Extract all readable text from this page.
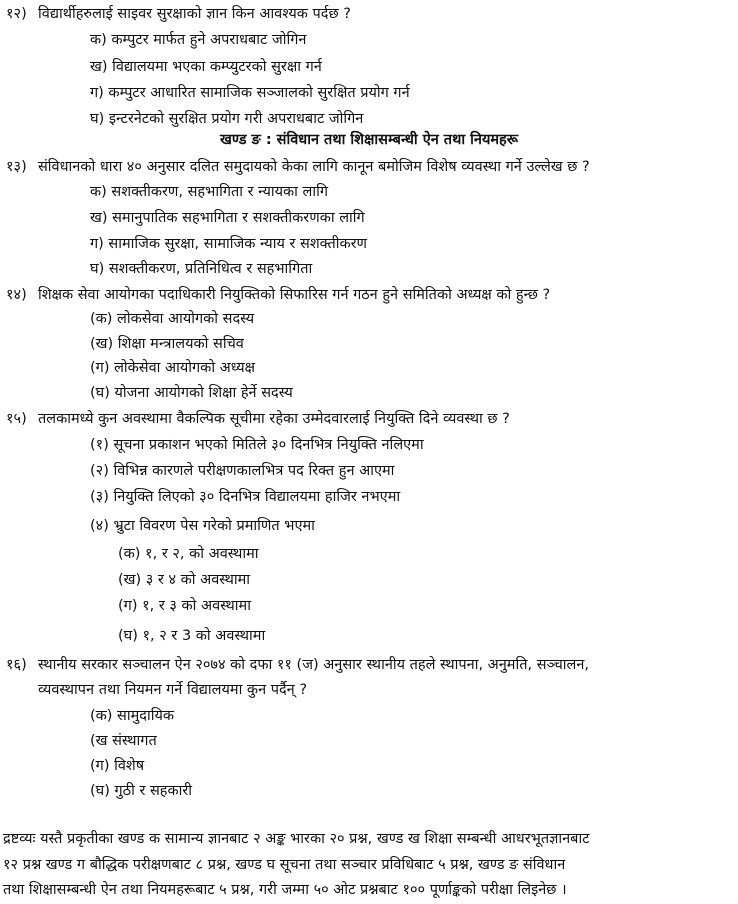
१२) विद्यार्थीहरुलाई साइवर सुरक्षाको ज्ञान किन आवश्यक पर्दछ ?
क) कम्पुटर मार्फत हुने अपराधबाट जोगिन
ख) विद्यालयमा भएका कम्प्युटरको सुरक्षा गर्न
ग) कम्पुटर आधारित सामाजिक सञ्जालको सुरक्षित प्रयोग गर्न
घ) इन्टरनेटको सुरक्षित प्रयोग गरी अपराधबाट जोगिन
खण्ड ङ : संविधान तथा शिक्षासम्बन्धी ऐन तथा नियमहरू
१३) संविधानको धारा ४० अनुसार दलित समुदायको केका लागि कानून बमोजिम विशेष व्यवस्था गर्ने उल्लेख छ ?
क) सशक्तीकरण, सहभागिता र न्यायका लागि
ख) समानुपातिक सहभागिता र सशक्तीकरणका लागि
ग) सामाजिक सुरक्षा, सामाजिक न्याय र सशक्तीकरण
घ) सशक्तीकरण, प्रतिनिधित्व र सहभागिता
१४) शिक्षक सेवा आयोगका पदाधिकारी नियुक्तिको सिफारिस गर्न गठन हुने समितिको अध्यक्ष को हुन्छ ?
(क) लोकसेवा आयोगको सदस्य
(ख) शिक्षा मन्त्रालयको सचिव
(ग) लोकेसेवा आयोगको अध्यक्ष
(घ) योजना आयोगको शिक्षा हेर्ने सदस्य
१५) तलकामध्ये कुन अवस्थामा वैकल्पिक सूचीमा रहेका उम्मेदवारलाई नियुक्ति दिने व्यवस्था छ ?
(१) सूचना प्रकाशन भएको मितिले ३० दिनभित्र नियुक्ति नलिएमा
(२) विभिन्न कारणले परीक्षणकालभित्र पद रिक्त हुन आएमा
(३) नियुक्ति लिएको ३० दिनभित्र विद्यालयमा हाजिर नभएमा
(४) भ्रुटा विवरण पेस गरेको प्रमाणित भएमा
(क) १, र २, को अवस्थामा
(ख) ३ र ४ को अवस्थामा
(ग) १, र ३ को अवस्थामा
(घ) १, २ र 3 को अवस्थामा
१६) स्थानीय सरकार सञ्चालन ऐन २०७४ को दफा ११ (ज) अनुसार स्थानीय तहले स्थापना, अनुमति, सञ्चालन,
व्यवस्थापन तथा नियमन गर्ने विद्यालयमा कुन पर्दैन् ?
(क) सामुदायिक
(ख संस्थागत
(ग) विशेष
(घ) गुठी र सहकारी
द्रष्टव्यः यस्तै प्रकृतीका खण्ड क सामान्य ज्ञानबाट २ अङ्क भारका २० प्रश्न, खण्ड ख शिक्षा सम्बन्धी आधरभूतज्ञानबाट
१२ प्रश्न खण्ड ग बौद्धिक परीक्षणबाट ८ प्रश्न, खण्ड घ सूचना तथा सञ्चार प्रविधिबाट ५ प्रश्न, खण्ड ङ संविधान
तथा शिक्षासम्बन्धी ऐन तथा नियमहरूबाट ५ प्रश्न, गरी जम्मा ५० ओट प्रश्नबाट १०० पूर्णाङ्कको परीक्षा लिइनेछ ।
